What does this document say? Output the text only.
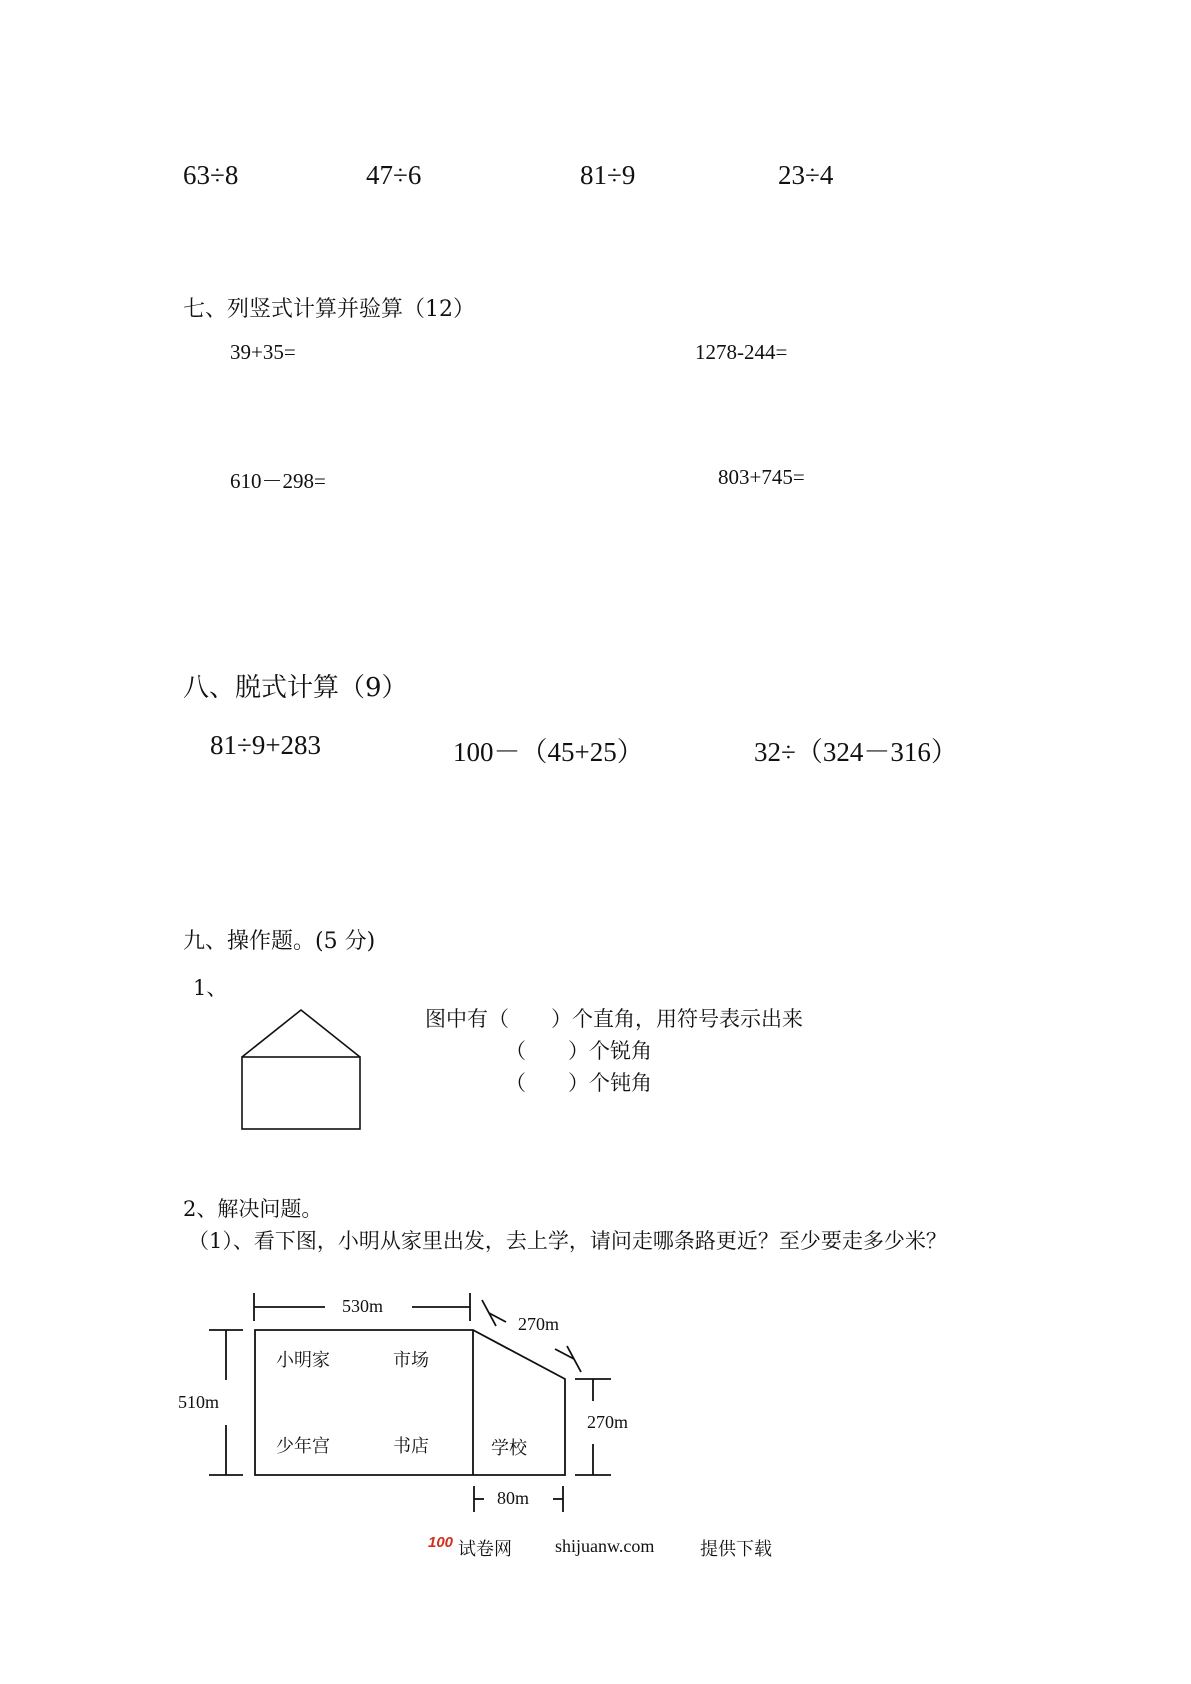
63÷8	47÷6	81÷9	23÷4
七、列竖式计算并验算（12）
39+35=	1278-244=
610－298=	803+745=
八、脱式计算（9）
81÷9+283	100－（45+25）	32÷（324－316）
九、操作题。(5 分)
1、
图中有（　　）个直角，用符号表示出来
（　　）个锐角
（　　）个钝角
2、解决问题。
（1）、看下图，小明从家里出发，去上学，请问走哪条路更近？至少要走多少米？
小明家	市场
少年宫	书店	学校
530m
270m
510m
270m
80m
100 试卷网 shijuanw.com	提供下载
